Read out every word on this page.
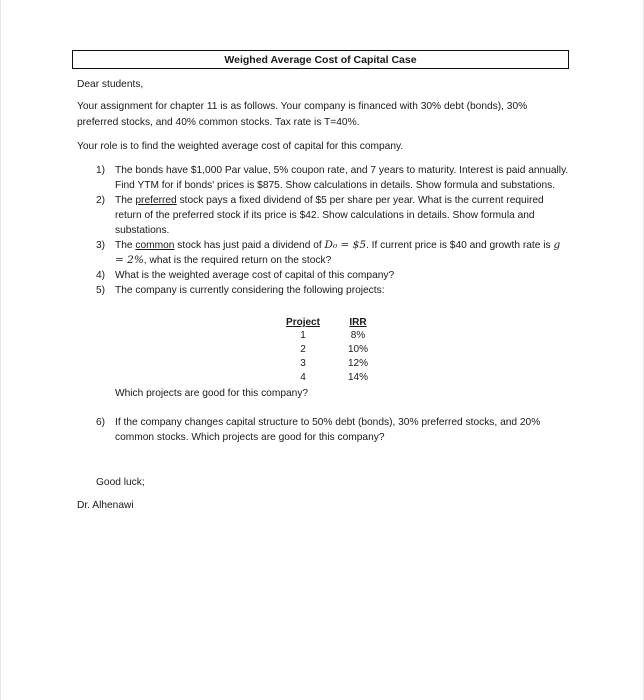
Weighed Average Cost of Capital Case
Dear students,
Your assignment for chapter 11 is as follows. Your company is financed with 30% debt (bonds), 30% preferred stocks, and 40% common stocks. Tax rate is T=40%.
Your role is to find the weighted average cost of capital for this company.
1) The bonds have $1,000 Par value, 5% coupon rate, and 7 years to maturity. Interest is paid annually. Find YTM for if bonds' prices is $875. Show calculations in details. Show formula and substations.
2) The preferred stock pays a fixed dividend of $5 per share per year. What is the current required return of the preferred stock if its price is $42. Show calculations in details. Show formula and substations.
3) The common stock has just paid a dividend of D₀ = $5. If current price is $40 and growth rate is g = 2%, what is the required return on the stock?
4) What is the weighted average cost of capital of this company?
5) The company is currently considering the following projects:
Project	IRR
1	8%
2	10%
3	12%
4	14%
Which projects are good for this company?
6) If the company changes capital structure to 50% debt (bonds), 30% preferred stocks, and 20% common stocks. Which projects are good for this company?
Good luck;
Dr. Alhenawi
